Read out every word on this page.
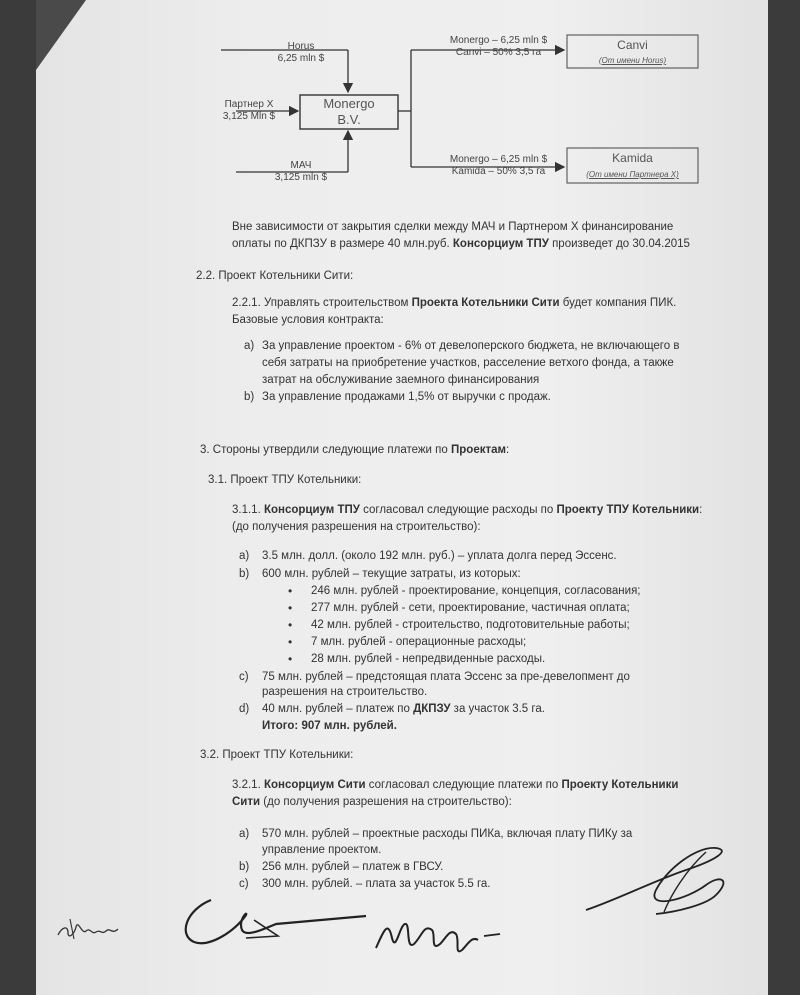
Horus
6,25 mln $
Партнер X
3,125 Mln $
МАЧ
3,125 mln $
Monergo
B.V.
Monergo – 6,25 mln $
Canvi – 50% 3,5 га
Canvi
(От имени Horus)
Monergo – 6,25 mln $
Kamida – 50% 3,5 га
Kamida
(От имени Партнера X)
Вне зависимости от закрытия сделки между МАЧ и Партнером X финансирование
оплаты по ДКПЗУ в размере 40 млн.руб. Консорциум ТПУ произведет до 30.04.2015
2.2. Проект Котельники Сити:
2.2.1. Управлять строительством Проекта Котельники Сити будет компания ПИК.
Базовые условия контракта:
a) За управление проектом - 6% от девелоперского бюджета, не включающего в
себя затраты на приобретение участков, расселение ветхого фонда, а также
затрат на обслуживание заемного финансирования
b) За управление продажами 1,5% от выручки с продаж.
3. Стороны утвердили следующие платежи по Проектам:
3.1. Проект ТПУ Котельники:
3.1.1. Консорциум ТПУ согласовал следующие расходы по Проекту ТПУ Котельники:
(до получения разрешения на строительство):
a) 3.5 млн. долл. (около 192 млн. руб.) – уплата долга перед Эссенс.
b) 600 млн. рублей – текущие затраты, из которых:
• 246 млн. рублей - проектирование, концепция, согласования;
• 277 млн. рублей - сети, проектирование, частичная оплата;
• 42 млн. рублей - строительство, подготовительные работы;
• 7 млн. рублей - операционные расходы;
• 28 млн. рублей - непредвиденные расходы.
c) 75 млн. рублей – предстоящая плата Эссенс за пре-девелопмент до
разрешения на строительство.
d) 40 млн. рублей – платеж по ДКПЗУ за участок 3.5 га.
Итого: 907 млн. рублей.
3.2. Проект ТПУ Котельники:
3.2.1. Консорциум Сити согласовал следующие платежи по Проекту Котельники
Сити (до получения разрешения на строительство):
a) 570 млн. рублей – проектные расходы ПИКа, включая плату ПИКу за
управление проектом.
b) 256 млн. рублей – платеж в ГВСУ.
c) 300 млн. рублей. – плата за участок 5.5 га.
